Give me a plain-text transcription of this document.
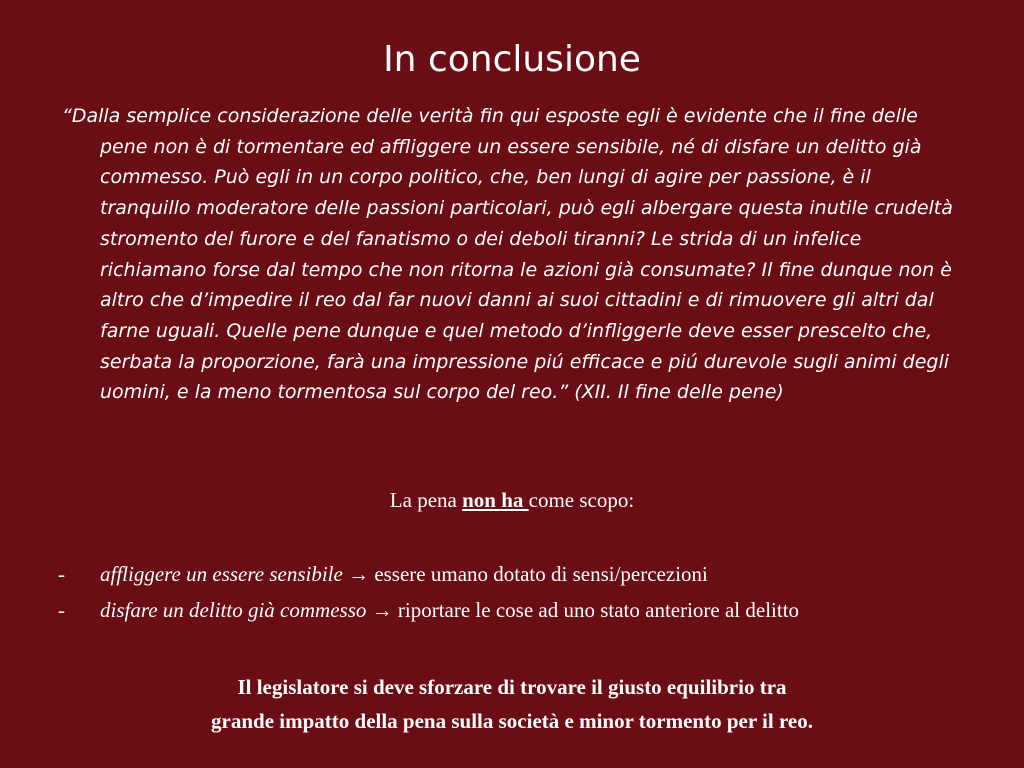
In conclusione

“Dalla semplice considerazione delle verità fin qui esposte egli è evidente che il fine delle pene non è di tormentare ed affliggere un essere sensibile, né di disfare un delitto già commesso. Può egli in un corpo politico, che, ben lungi di agire per passione, è il tranquillo moderatore delle passioni particolari, può egli albergare questa inutile crudeltà stromento del furore e del fanatismo o dei deboli tiranni? Le strida di un infelice richiamano forse dal tempo che non ritorna le azioni già consumate? Il fine dunque non è altro che d’impedire il reo dal far nuovi danni ai suoi cittadini e di rimuovere gli altri dal farne uguali. Quelle pene dunque e quel metodo d’infliggerle deve esser prescelto che, serbata la proporzione, farà una impressione piú efficace e piú durevole sugli animi degli uomini, e la meno tormentosa sul corpo del reo.” (XII. Il fine delle pene)

La pena non ha come scopo:

- affliggere un essere sensibile → essere umano dotato di sensi/percezioni
- disfare un delitto già commesso → riportare le cose ad uno stato anteriore al delitto

Il legislatore si deve sforzare di trovare il giusto equilibrio tra
grande impatto della pena sulla società e minor tormento per il reo.
